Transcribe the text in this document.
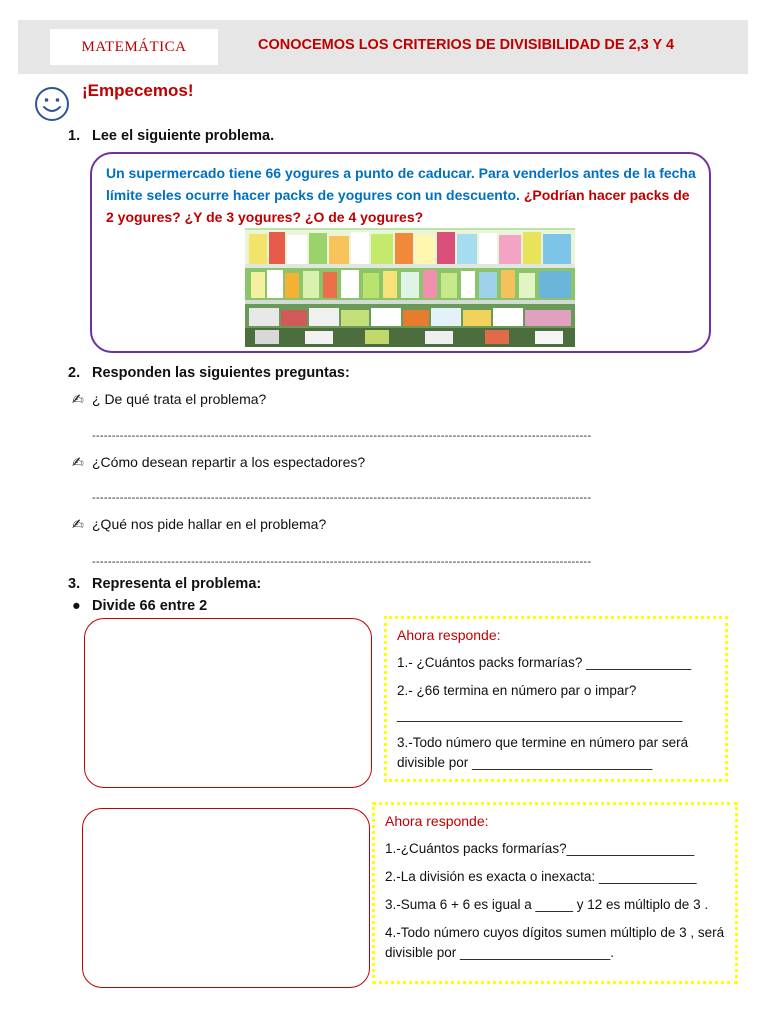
MATEMÁTICA	CONOCEMOS LOS CRITERIOS DE DIVISIBILIDAD DE 2,3 Y 4
¡Empecemos!
1. Lee el siguiente problema.
Un supermercado tiene 66 yogures a punto de caducar. Para venderlos antes de la fecha límite seles ocurre hacer packs de yogures con un descuento. ¿Podrían hacer packs de 2 yogures? ¿Y de 3 yogures? ¿O de 4 yogures?
2. Responden las siguientes preguntas:
✍ ¿ De qué trata el problema?
------------------------------------------------------------------------------------------------------------------------------
✍ ¿Cómo desean repartir a los espectadores?
------------------------------------------------------------------------------------------------------------------------------
✍ ¿Qué nos pide hallar en el problema?
------------------------------------------------------------------------------------------------------------------------------
3. Representa el problema:
● Divide 66 entre 2
Ahora responde:
1.- ¿Cuántos packs formarías? ______________
2.- ¿66 termina en número par o impar?
______________________________________
3.-Todo número que termine en número par será divisible por ________________________
Ahora responde:
1.-¿Cuántos packs formarías?_________________
2.-La división es exacta o inexacta: _____________
3.-Suma 6 + 6 es igual a _____ y 12 es múltiplo de 3 .
4.-Todo número cuyos dígitos sumen múltiplo de 3 , será divisible por ____________________.
